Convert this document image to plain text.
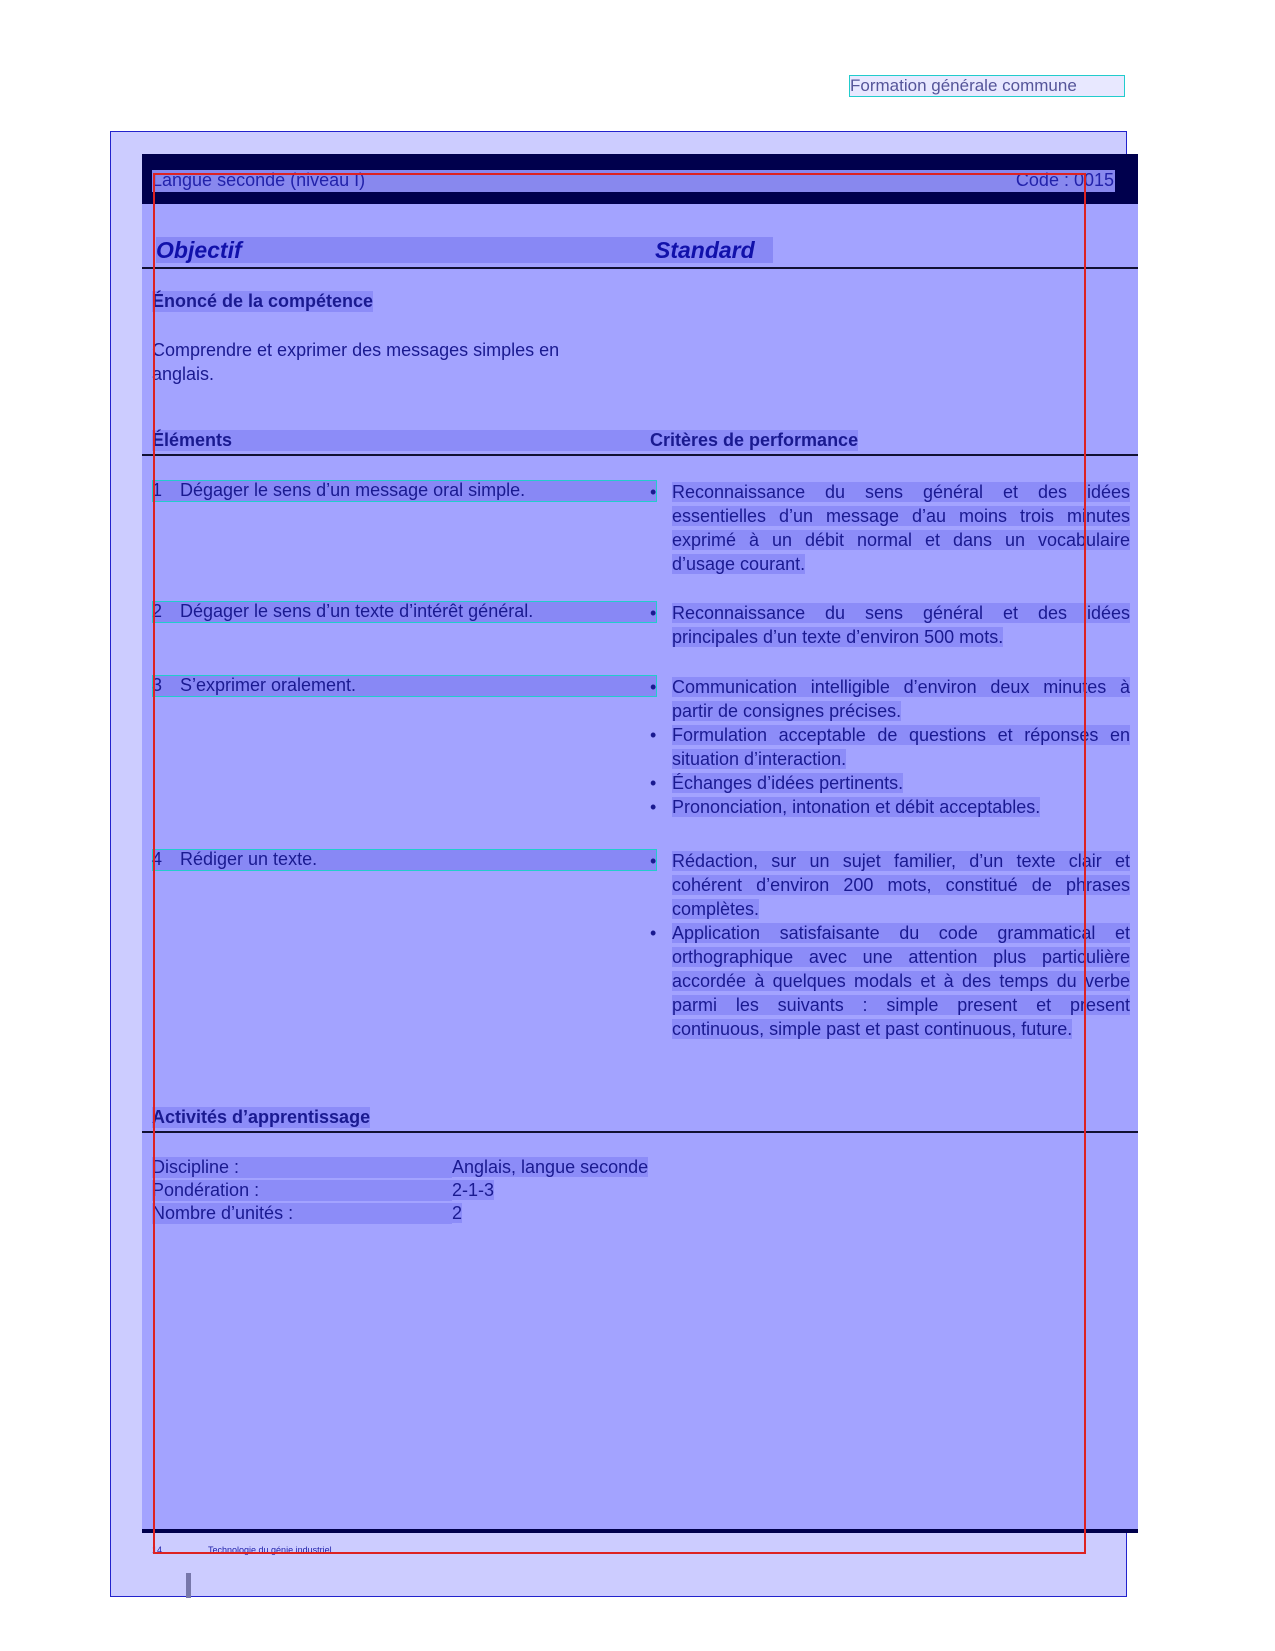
Formation générale commune
Langue seconde (niveau I)	Code : 0015
Objectif	Standard
Énoncé de la compétence
Comprendre et exprimer des messages simples en anglais.
Éléments	Critères de performance
1 Dégager le sens d’un message oral simple.	• Reconnaissance du sens général et des idées essentielles d’un message d’au moins trois minutes exprimé à un débit normal et dans un vocabulaire d’usage courant.
2 Dégager le sens d’un texte d’intérêt général.	• Reconnaissance du sens général et des idées principales d’un texte d’environ 500 mots.
3 S’exprimer oralement.	• Communication intelligible d’environ deux minutes à partir de consignes précises.
• Formulation acceptable de questions et réponses en situation d’interaction.
• Échanges d’idées pertinents.
• Prononciation, intonation et débit acceptables.
4 Rédiger un texte.	• Rédaction, sur un sujet familier, d’un texte clair et cohérent d’environ 200 mots, constitué de phrases complètes.
• Application satisfaisante du code grammatical et orthographique avec une attention plus particulière accordée à quelques modals et à des temps du verbe parmi les suivants : simple present et present continuous, simple past et past continuous, future.
Activités d’apprentissage
Discipline :	Anglais, langue seconde
Pondération :	2-1-3
Nombre d’unités :	2
14	Technologie du génie industriel
